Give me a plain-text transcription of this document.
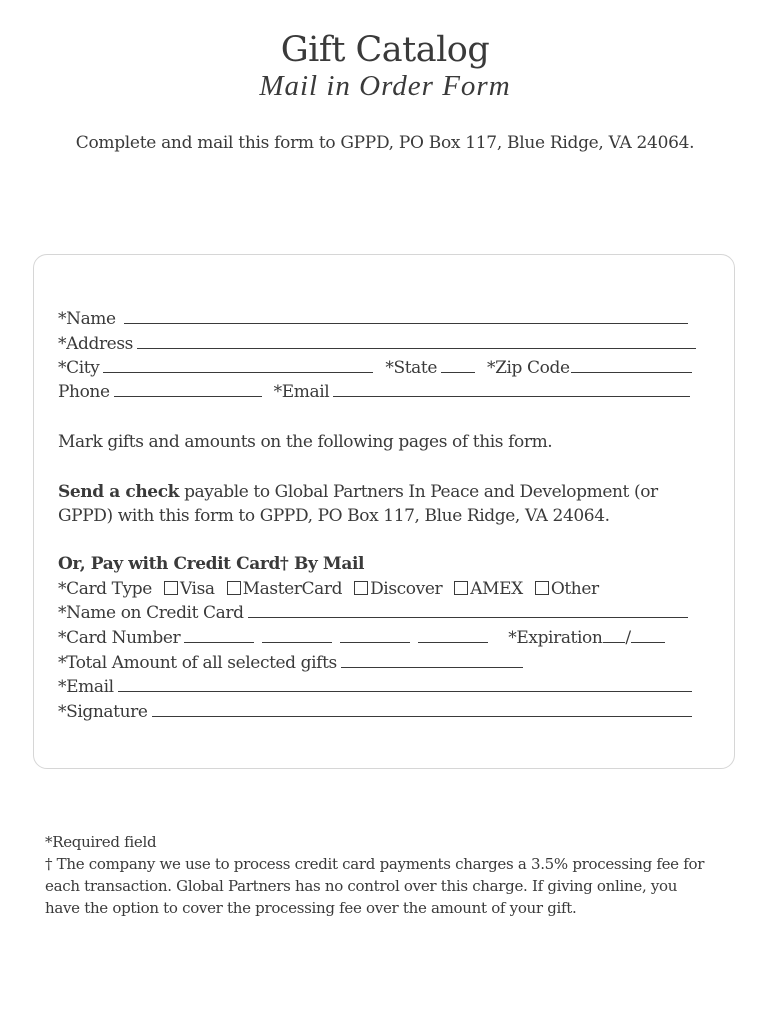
Gift Catalog
Mail in Order Form
Complete and mail this form to GPPD, PO Box 117, Blue Ridge, VA 24064.
*Name
*Address
*City	*State	*Zip Code
Phone	*Email
Mark gifts and amounts on the following pages of this form.
Send a check payable to Global Partners In Peace and Development (or GPPD) with this form to GPPD, PO Box 117, Blue Ridge, VA 24064.
Or, Pay with Credit Card† By Mail
*Card Type	Visa	MasterCard	Discover	AMEX	Other
*Name on Credit Card
*Card Number	*Expiration /
*Total Amount of all selected gifts
*Email
*Signature
*Required field
† The company we use to process credit card payments charges a 3.5% processing fee for each transaction. Global Partners has no control over this charge. If giving online, you have the option to cover the processing fee over the amount of your gift.
